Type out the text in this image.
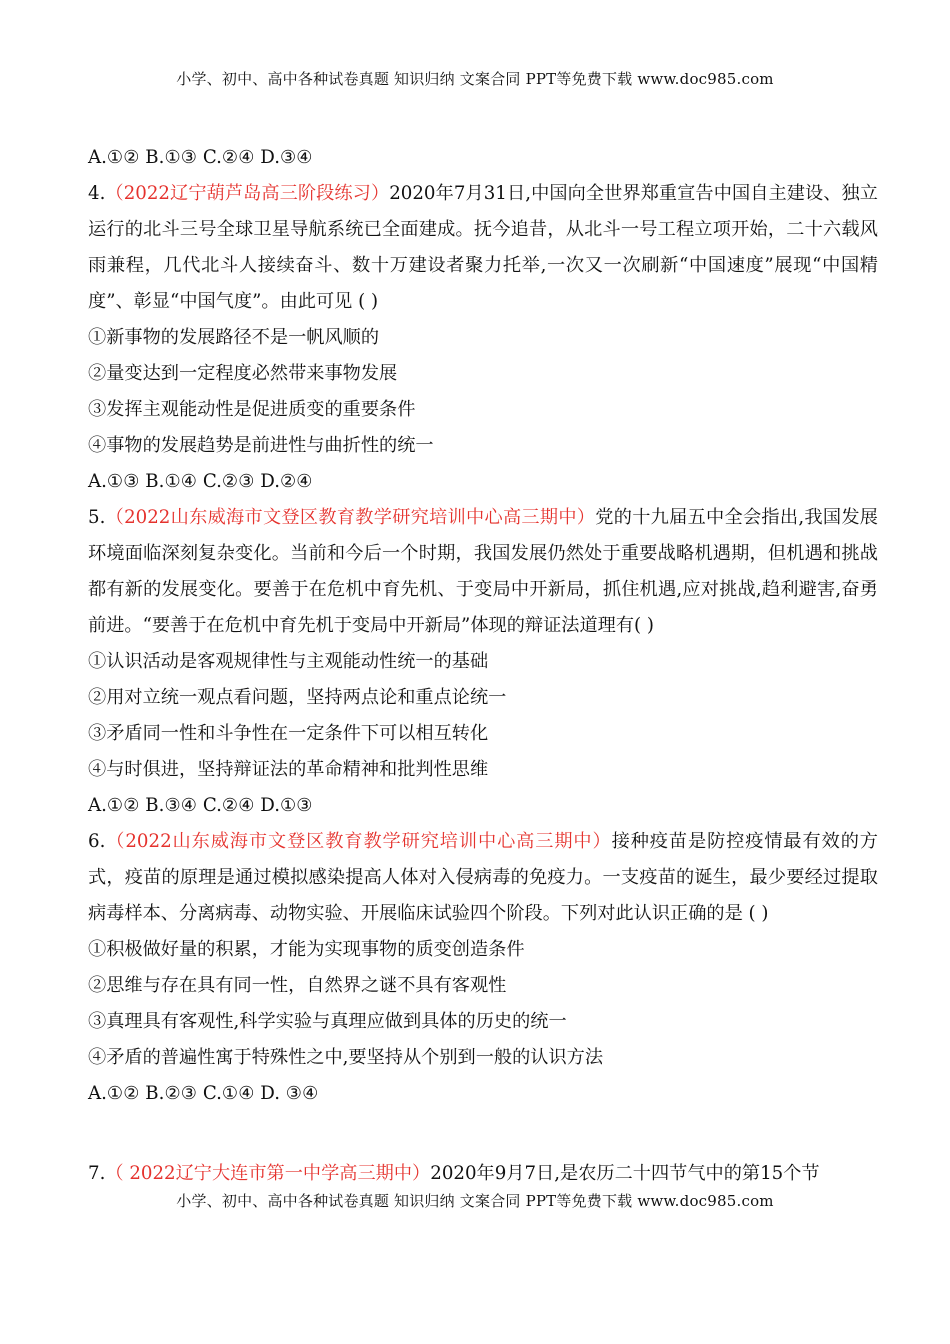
小学、初中、高中各种试卷真题 知识归纳 文案合同 PPT等免费下载 www.doc985.com
A.①② B.①③ C.②④ D.③④
4.（2022辽宁葫芦岛高三阶段练习）2020年7月31日,中国向全世界郑重宣告中国自主建设、独立运行的北斗三号全球卫星导航系统已全面建成。抚今追昔，从北斗一号工程立项开始，二十六载风雨兼程，几代北斗人接续奋斗、数十万建设者聚力托举,一次又一次刷新“中国速度”展现“中国精度”、彰显“中国气度”。由此可见 ( )
①新事物的发展路径不是一帆风顺的
②量变达到一定程度必然带来事物发展
③发挥主观能动性是促进质变的重要条件
④事物的发展趋势是前进性与曲折性的统一
A.①③ B.①④ C.②③ D.②④
5.（2022山东威海市文登区教育教学研究培训中心高三期中）党的十九届五中全会指出,我国发展环境面临深刻复杂变化。当前和今后一个时期，我国发展仍然处于重要战略机遇期，但机遇和挑战都有新的发展变化。要善于在危机中育先机、于变局中开新局，抓住机遇,应对挑战,趋利避害,奋勇前进。“要善于在危机中育先机于变局中开新局”体现的辩证法道理有( )
①认识活动是客观规律性与主观能动性统一的基础
②用对立统一观点看问题，坚持两点论和重点论统一
③矛盾同一性和斗争性在一定条件下可以相互转化
④与时俱进，坚持辩证法的革命精神和批判性思维
A.①② B.③④ C.②④ D.①③
6.（2022山东威海市文登区教育教学研究培训中心高三期中）接种疫苗是防控疫情最有效的方式，疫苗的原理是通过模拟感染提高人体对入侵病毒的免疫力。一支疫苗的诞生，最少要经过提取病毒样本、分离病毒、动物实验、开展临床试验四个阶段。下列对此认识正确的是 ( )
①积极做好量的积累，才能为实现事物的质变创造条件
②思维与存在具有同一性，自然界之谜不具有客观性
③真理具有客观性,科学实验与真理应做到具体的历史的统一
④矛盾的普遍性寓于特殊性之中,要坚持从个别到一般的认识方法
A.①② B.②③ C.①④ D. ③④
7.（ 2022辽宁大连市第一中学高三期中）2020年9月7日,是农历二十四节气中的第15个节
小学、初中、高中各种试卷真题 知识归纳 文案合同 PPT等免费下载 www.doc985.com
